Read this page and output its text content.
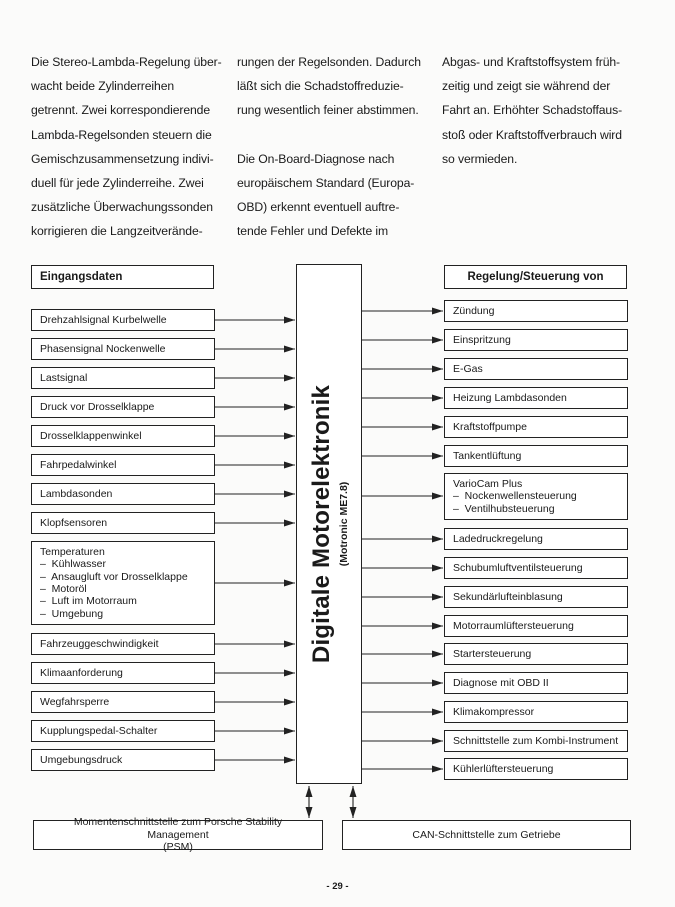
Die Stereo-Lambda-Regelung über-
wacht beide Zylinderreihen
getrennt. Zwei korrespondierende
Lambda-Regelsonden steuern die
Gemischzusammensetzung indivi-
duell für jede Zylinderreihe. Zwei
zusätzliche Überwachungssonden
korrigieren die Langzeitverände-

rungen der Regelsonden. Dadurch
läßt sich die Schadstoffreduzie-
rung wesentlich feiner abstimmen.

Die On-Board-Diagnose nach
europäischem Standard (Europa-
OBD) erkennt eventuell auftre-
tende Fehler und Defekte im

Abgas- und Kraftstoffsystem früh-
zeitig und zeigt sie während der
Fahrt an. Erhöhter Schadstoffaus-
stoß oder Kraftstoffverbrauch wird
so vermieden.

Eingangsdaten	Regelung/Steuerung von
Digitale Motorelektronik (Motronic ME7.8)
Drehzahlsignal Kurbelwelle
Phasensignal Nockenwelle
Lastsignal
Druck vor Drosselklappe
Drosselklappenwinkel
Fahrpedalwinkel
Lambdasonden
Klopfsensoren
Temperaturen
–  Kühlwasser
–  Ansaugluft vor Drosselklappe
–  Motoröl
–  Luft im Motorraum
–  Umgebung
Fahrzeuggeschwindigkeit
Klimaanforderung
Wegfahrsperre
Kupplungspedal-Schalter
Umgebungsdruck
Zündung
Einspritzung
E-Gas
Heizung Lambdasonden
Kraftstoffpumpe
Tankentlüftung
VarioCam Plus
–  Nockenwellensteuerung
–  Ventilhubsteuerung
Ladedruckregelung
Schubumluftventilsteuerung
Sekundärlufteinblasung
Motorraumlüftersteuerung
Startersteuerung
Diagnose mit OBD II
Klimakompressor
Schnittstelle zum Kombi-Instrument
Kühlerlüftersteuerung
Momentenschnittstelle zum Porsche Stability Management
(PSM)
CAN-Schnittstelle zum Getriebe
- 29 -
